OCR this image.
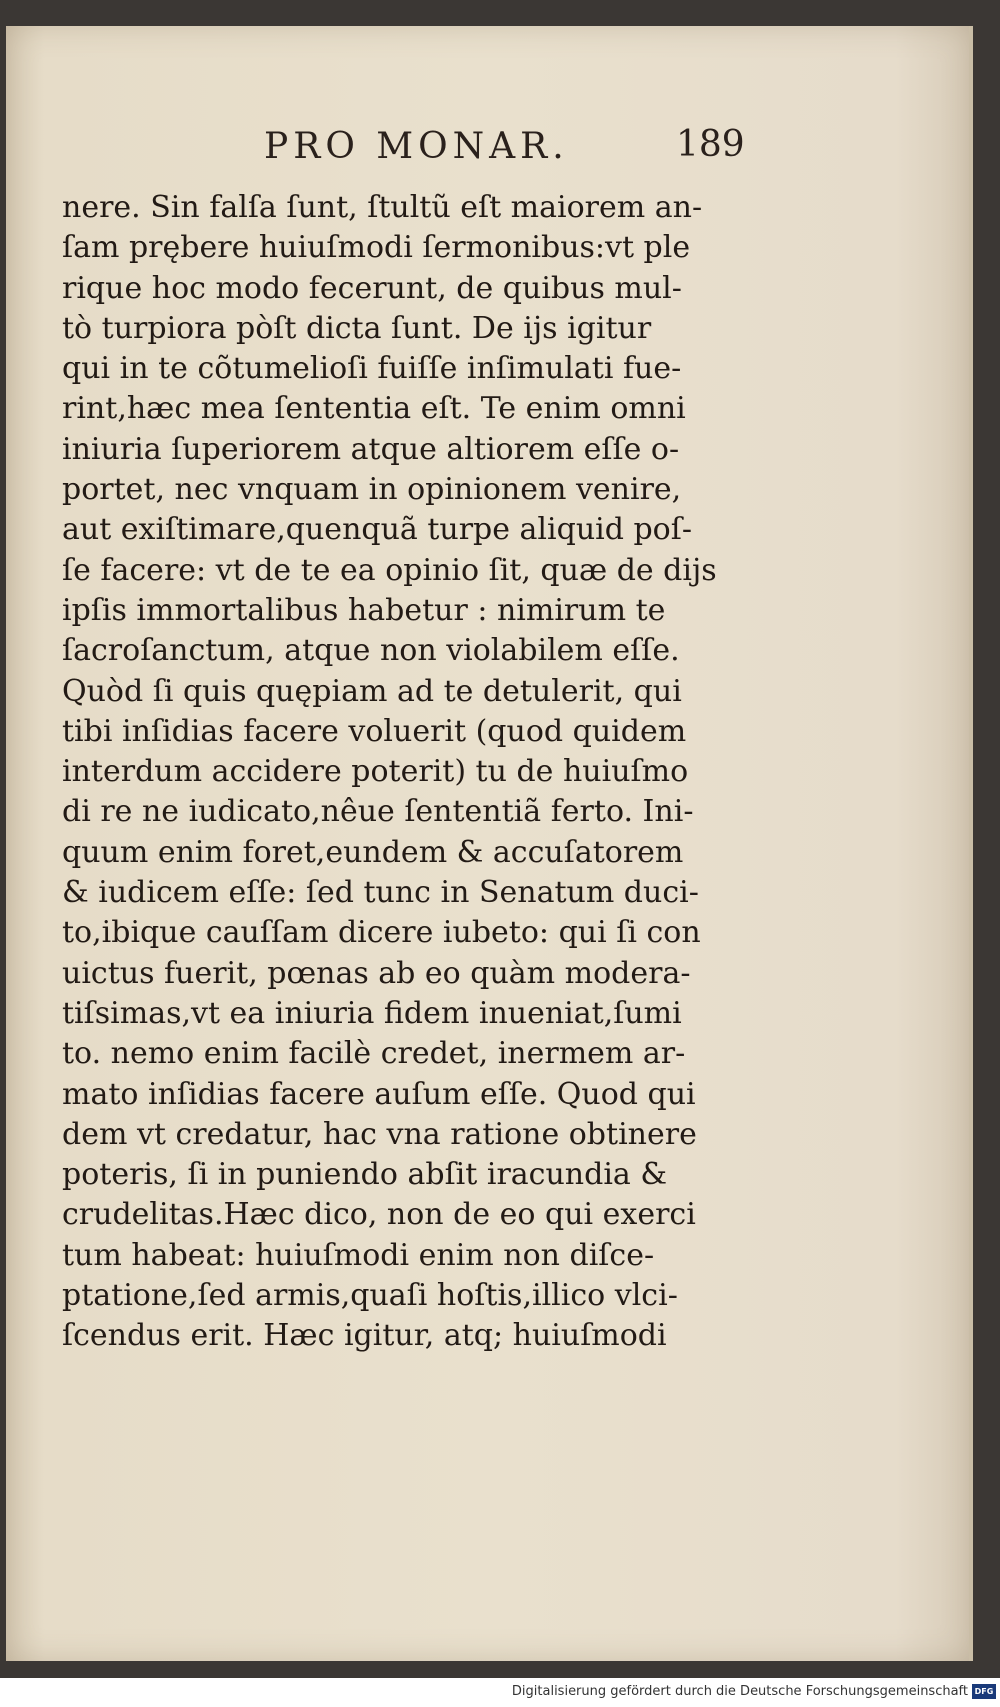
PRO MONAR.	189
nere. Sin falſa ſunt, ſtultũ eſt maiorem an-
ſam prębere huiuſmodi ſermonibus:vt ple
rique hoc modo fecerunt, de quibus mul-
tò turpiora pòſt dicta ſunt. De ijs igitur
qui in te cõtumelioſi fuiſſe inſimulati fue-
rint,hæc mea ſententia eſt. Te enim omni
iniuria ſuperiorem atque altiorem eſſe o-
portet, nec vnquam in opinionem venire,
aut exiſtimare,quenquã turpe aliquid poſ-
ſe facere: vt de te ea opinio ſit, quæ de dijs
ipſis immortalibus habetur : nimirum te
ſacroſanctum, atque non violabilem eſſe.
Quòd ſi quis quępiam ad te detulerit, qui
tibi inſidias facere voluerit (quod quidem
interdum accidere poterit) tu de huiuſmo
di re ne iudicato,nêue ſententiã ferto. Ini-
quum enim foret,eundem & accuſatorem
& iudicem eſſe: ſed tunc in Senatum duci-
to,ibique cauſſam dicere iubeto: qui ſi con
uictus fuerit, pœnas ab eo quàm modera-
tiſsimas,vt ea iniuria fidem inueniat,ſumi
to. nemo enim facilè credet, inermem ar-
mato inſidias facere auſum eſſe. Quod qui
dem vt credatur, hac vna ratione obtinere
poteris, ſi in puniendo abſit iracundia &
crudelitas.Hæc dico, non de eo qui exerci
tum habeat: huiuſmodi enim non diſce-
ptatione,ſed armis,quaſi hoſtis,illico vlci-
ſcendus erit. Hæc igitur, atq; huiuſmodi
Digitalisierung gefördert durch die Deutsche Forschungsgemeinschaft DFG
